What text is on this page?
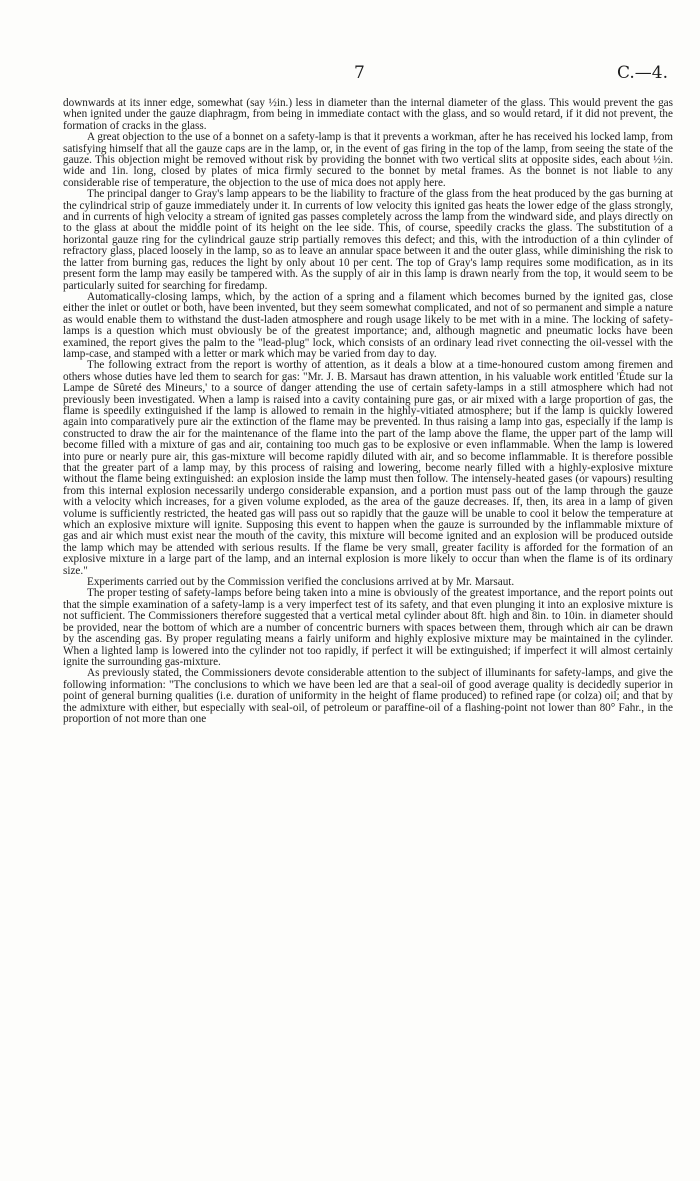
7	C.—4.

downwards at its inner edge, somewhat (say ½in.) less in diameter than the internal diameter of the glass. This would prevent the gas when ignited under the gauze diaphragm, from being in immediate contact with the glass, and so would retard, if it did not prevent, the formation of cracks in the glass.

A great objection to the use of a bonnet on a safety-lamp is that it prevents a workman, after he has received his locked lamp, from satisfying himself that all the gauze caps are in the lamp, or, in the event of gas firing in the top of the lamp, from seeing the state of the gauze. This objection might be removed without risk by providing the bonnet with two vertical slits at opposite sides, each about ½in. wide and 1in. long, closed by plates of mica firmly secured to the bonnet by metal frames. As the bonnet is not liable to any considerable rise of temperature, the objection to the use of mica does not apply here.

The principal danger to Gray's lamp appears to be the liability to fracture of the glass from the heat produced by the gas burning at the cylindrical strip of gauze immediately under it. In currents of low velocity this ignited gas heats the lower edge of the glass strongly, and in currents of high velocity a stream of ignited gas passes completely across the lamp from the windward side, and plays directly on to the glass at about the middle point of its height on the lee side. This, of course, speedily cracks the glass. The substitution of a horizontal gauze ring for the cylindrical gauze strip partially removes this defect; and this, with the introduction of a thin cylinder of refractory glass, placed loosely in the lamp, so as to leave an annular space between it and the outer glass, while diminishing the risk to the latter from burning gas, reduces the light by only about 10 per cent. The top of Gray's lamp requires some modification, as in its present form the lamp may easily be tampered with. As the supply of air in this lamp is drawn nearly from the top, it would seem to be particularly suited for searching for firedamp.

Automatically-closing lamps, which, by the action of a spring and a filament which becomes burned by the ignited gas, close either the inlet or outlet or both, have been invented, but they seem somewhat complicated, and not of so permanent and simple a nature as would enable them to withstand the dust-laden atmosphere and rough usage likely to be met with in a mine. The locking of safety-lamps is a question which must obviously be of the greatest importance; and, although magnetic and pneumatic locks have been examined, the report gives the palm to the "lead-plug" lock, which consists of an ordinary lead rivet connecting the oil-vessel with the lamp-case, and stamped with a letter or mark which may be varied from day to day.

The following extract from the report is worthy of attention, as it deals a blow at a time-honoured custom among firemen and others whose duties have led them to search for gas: "Mr. J. B. Marsaut has drawn attention, in his valuable work entitled 'Étude sur la Lampe de Sûreté des Mineurs,' to a source of danger attending the use of certain safety-lamps in a still atmosphere which had not previously been investigated. When a lamp is raised into a cavity containing pure gas, or air mixed with a large proportion of gas, the flame is speedily extinguished if the lamp is allowed to remain in the highly-vitiated atmosphere; but if the lamp is quickly lowered again into comparatively pure air the extinction of the flame may be prevented. In thus raising a lamp into gas, especially if the lamp is constructed to draw the air for the maintenance of the flame into the part of the lamp above the flame, the upper part of the lamp will become filled with a mixture of gas and air, containing too much gas to be explosive or even inflammable. When the lamp is lowered into pure or nearly pure air, this gas-mixture will become rapidly diluted with air, and so become inflammable. It is therefore possible that the greater part of a lamp may, by this process of raising and lowering, become nearly filled with a highly-explosive mixture without the flame being extinguished: an explosion inside the lamp must then follow. The intensely-heated gases (or vapours) resulting from this internal explosion necessarily undergo considerable expansion, and a portion must pass out of the lamp through the gauze with a velocity which increases, for a given volume exploded, as the area of the gauze decreases. If, then, its area in a lamp of given volume is sufficiently restricted, the heated gas will pass out so rapidly that the gauze will be unable to cool it below the temperature at which an explosive mixture will ignite. Supposing this event to happen when the gauze is surrounded by the inflammable mixture of gas and air which must exist near the mouth of the cavity, this mixture will become ignited and an explosion will be produced outside the lamp which may be attended with serious results. If the flame be very small, greater facility is afforded for the formation of an explosive mixture in a large part of the lamp, and an internal explosion is more likely to occur than when the flame is of its ordinary size."

Experiments carried out by the Commission verified the conclusions arrived at by Mr. Marsaut.

The proper testing of safety-lamps before being taken into a mine is obviously of the greatest importance, and the report points out that the simple examination of a safety-lamp is a very imperfect test of its safety, and that even plunging it into an explosive mixture is not sufficient. The Commissioners therefore suggested that a vertical metal cylinder about 8ft. high and 8in. to 10in. in diameter should be provided, near the bottom of which are a number of concentric burners with spaces between them, through which air can be drawn by the ascending gas. By proper regulating means a fairly uniform and highly explosive mixture may be maintained in the cylinder. When a lighted lamp is lowered into the cylinder not too rapidly, if perfect it will be extinguished; if imperfect it will almost certainly ignite the surrounding gas-mixture.

As previously stated, the Commissioners devote considerable attention to the subject of illuminants for safety-lamps, and give the following information: "The conclusions to which we have been led are that a seal-oil of good average quality is decidedly superior in point of general burning qualities (i.e. duration of uniformity in the height of flame produced) to refined rape (or colza) oil; and that by the admixture with either, but especially with seal-oil, of petroleum or paraffine-oil of a flashing-point not lower than 80° Fahr., in the proportion of not more than one
